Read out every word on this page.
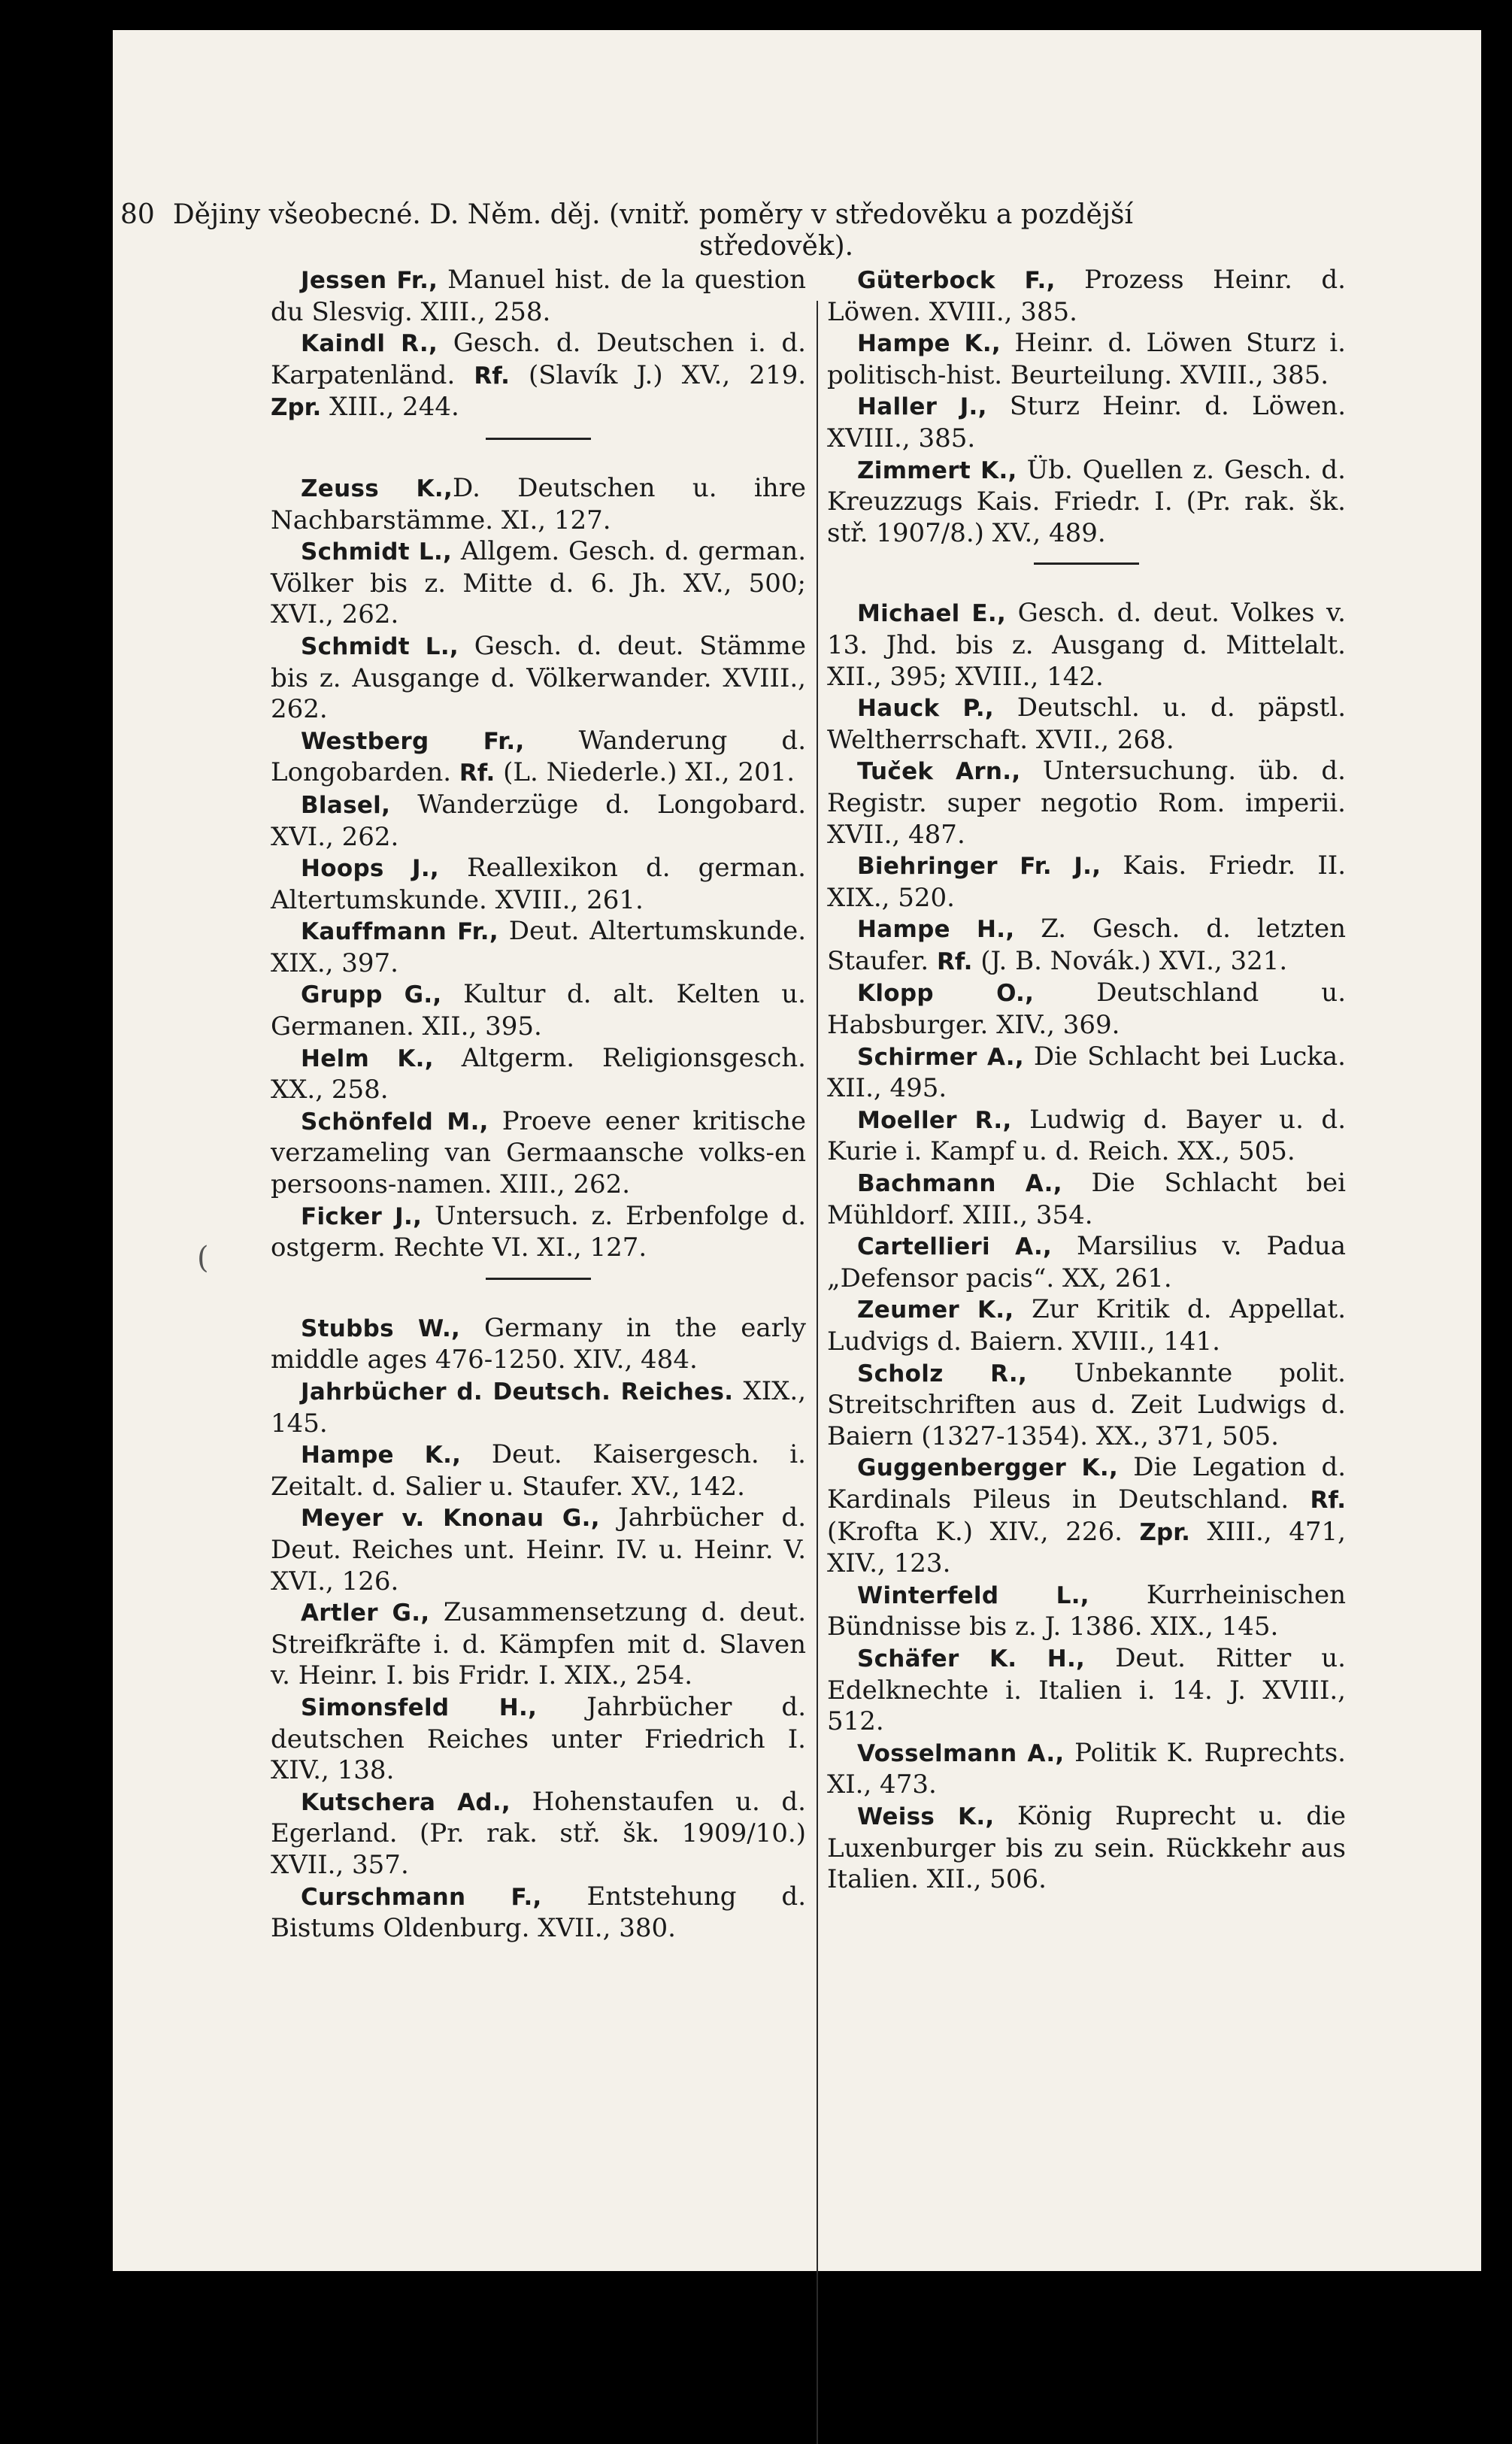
80 Dějiny všeobecné. D. Něm. děj. (vnitř. poměry v středověku a pozdější
středověk).

Jessen Fr., Manuel hist. de la question du Slesvig. XIII., 258.

Kaindl R., Gesch. d. Deutschen i. d. Karpatenländ. Rf. (Slavík J.) XV., 219. Zpr. XIII., 244.

Zeuss K.,D. Deutschen u. ihre Nachbarstämme. XI., 127.

Schmidt L., Allgem. Gesch. d. german. Völker bis z. Mitte d. 6. Jh. XV., 500; XVI., 262.

Schmidt L., Gesch. d. deut. Stämme bis z. Ausgange d. Völkerwander. XVIII., 262.

Westberg Fr., Wanderung d. Longobarden. Rf. (L. Niederle.) XI., 201.

Blasel, Wanderzüge d. Longobard. XVI., 262.

Hoops J., Reallexikon d. german. Altertumskunde. XVIII., 261.

Kauffmann Fr., Deut. Altertumskunde. XIX., 397.

Grupp G., Kultur d. alt. Kelten u. Germanen. XII., 395.

Helm K., Altgerm. Religionsgesch. XX., 258.

Schönfeld M., Proeve eener kritische verzameling van Germaansche volks-en persoons-namen. XIII., 262.

Ficker J., Untersuch. z. Erbenfolge d. ostgerm. Rechte VI. XI., 127.

Stubbs W., Germany in the early middle ages 476-1250. XIV., 484.

Jahrbücher d. Deutsch. Reiches. XIX., 145.

Hampe K., Deut. Kaisergesch. i. Zeitalt. d. Salier u. Staufer. XV., 142.

Meyer v. Knonau G., Jahrbücher d. Deut. Reiches unt. Heinr. IV. u. Heinr. V. XVI., 126.

Artler G., Zusammensetzung d. deut. Streifkräfte i. d. Kämpfen mit d. Slaven v. Heinr. I. bis Fridr. I. XIX., 254.

Simonsfeld H., Jahrbücher d. deutschen Reiches unter Friedrich I. XIV., 138.

Kutschera Ad., Hohenstaufen u. d. Egerland. (Pr. rak. stř. šk. 1909/10.) XVII., 357.

Curschmann F., Entstehung d. Bistums Oldenburg. XVII., 380.

Güterbock F., Prozess Heinr. d. Löwen. XVIII., 385.

Hampe K., Heinr. d. Löwen Sturz i. politisch-hist. Beurteilung. XVIII., 385.

Haller J., Sturz Heinr. d. Löwen. XVIII., 385.

Zimmert K., Üb. Quellen z. Gesch. d. Kreuzzugs Kais. Friedr. I. (Pr. rak. šk. stř. 1907/8.) XV., 489.

Michael E., Gesch. d. deut. Volkes v. 13. Jhd. bis z. Ausgang d. Mittelalt. XII., 395; XVIII., 142.

Hauck P., Deutschl. u. d. päpstl. Weltherrschaft. XVII., 268.

Tuček Arn., Untersuchung. üb. d. Registr. super negotio Rom. imperii. XVII., 487.

Biehringer Fr. J., Kais. Friedr. II. XIX., 520.

Hampe H., Z. Gesch. d. letzten Staufer. Rf. (J. B. Novák.) XVI., 321.

Klopp O., Deutschland u. Habsburger. XIV., 369.

Schirmer A., Die Schlacht bei Lucka. XII., 495.

Moeller R., Ludwig d. Bayer u. d. Kurie i. Kampf u. d. Reich. XX., 505.

Bachmann A., Die Schlacht bei Mühldorf. XIII., 354.

Cartellieri A., Marsilius v. Padua „Defensor pacis“. XX, 261.

Zeumer K., Zur Kritik d. Appellat. Ludvigs d. Baiern. XVIII., 141.

Scholz R., Unbekannte polit. Streitschriften aus d. Zeit Ludwigs d. Baiern (1327-1354). XX., 371, 505.

Guggenbergger K., Die Legation d. Kardinals Pileus in Deutschland. Rf. (Krofta K.) XIV., 226. Zpr. XIII., 471, XIV., 123.

Winterfeld L., Kurrheinischen Bündnisse bis z. J. 1386. XIX., 145.

Schäfer K. H., Deut. Ritter u. Edelknechte i. Italien i. 14. J. XVIII., 512.

Vosselmann A., Politik K. Ruprechts. XI., 473.

Weiss K., König Ruprecht u. die Luxenburger bis zu sein. Rückkehr aus Italien. XII., 506.

(
